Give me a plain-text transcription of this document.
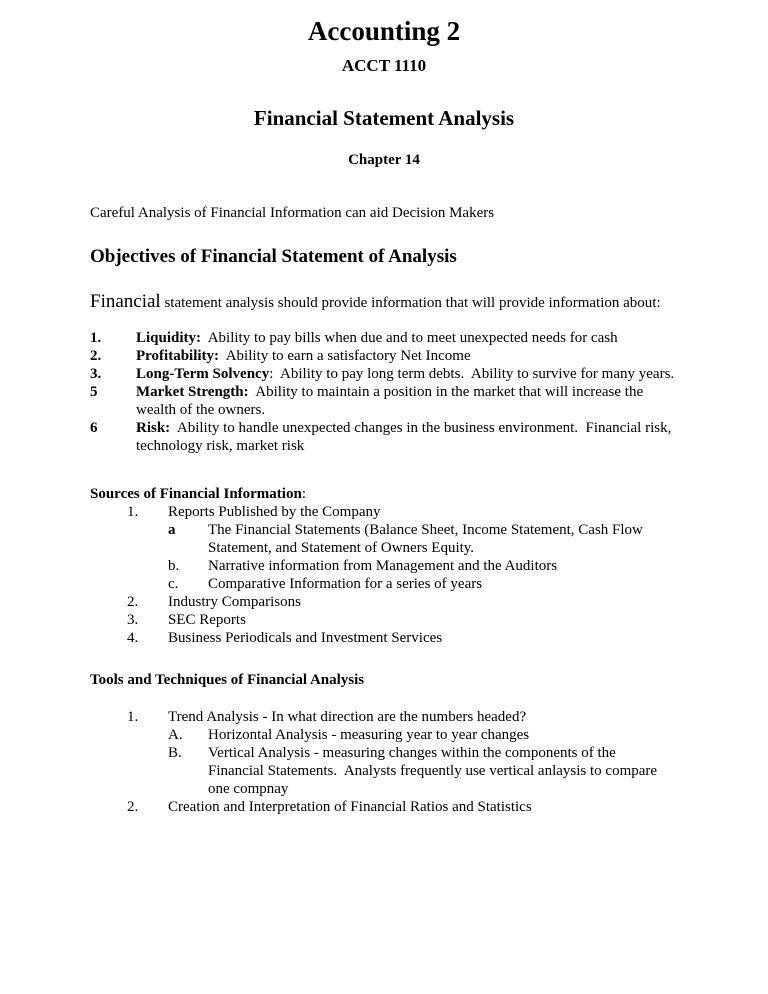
Accounting 2
ACCT 1110
Financial Statement Analysis
Chapter 14
Careful Analysis of Financial Information can aid Decision Makers
Objectives of Financial Statement of Analysis
Financial statement analysis should provide information that will provide information about:
1. Liquidity:  Ability to pay bills when due and to meet unexpected needs for cash
2. Profitability:  Ability to earn a satisfactory Net Income
3. Long-Term Solvency:  Ability to pay long term debts.  Ability to survive for many years.
5	Market Strength:  Ability to maintain a position in the market that will increase the
wealth of the owners.
6	Risk:  Ability to handle unexpected changes in the business environment.  Financial risk,
technology risk, market risk
Sources of Financial Information:
1. Reports Published by the Company
a The Financial Statements (Balance Sheet, Income Statement, Cash Flow
Statement, and Statement of Owners Equity.
b. Narrative information from Management and the Auditors
c. Comparative Information for a series of years
2. Industry Comparisons
3. SEC Reports
4. Business Periodicals and Investment Services
Tools and Techniques of Financial Analysis
1. Trend Analysis - In what direction are the numbers headed?
A. Horizontal Analysis - measuring year to year changes
B. Vertical Analysis - measuring changes within the components of the
Financial Statements.  Analysts frequently use vertical anlaysis to compare
one compnay
2. Creation and Interpretation of Financial Ratios and Statistics
